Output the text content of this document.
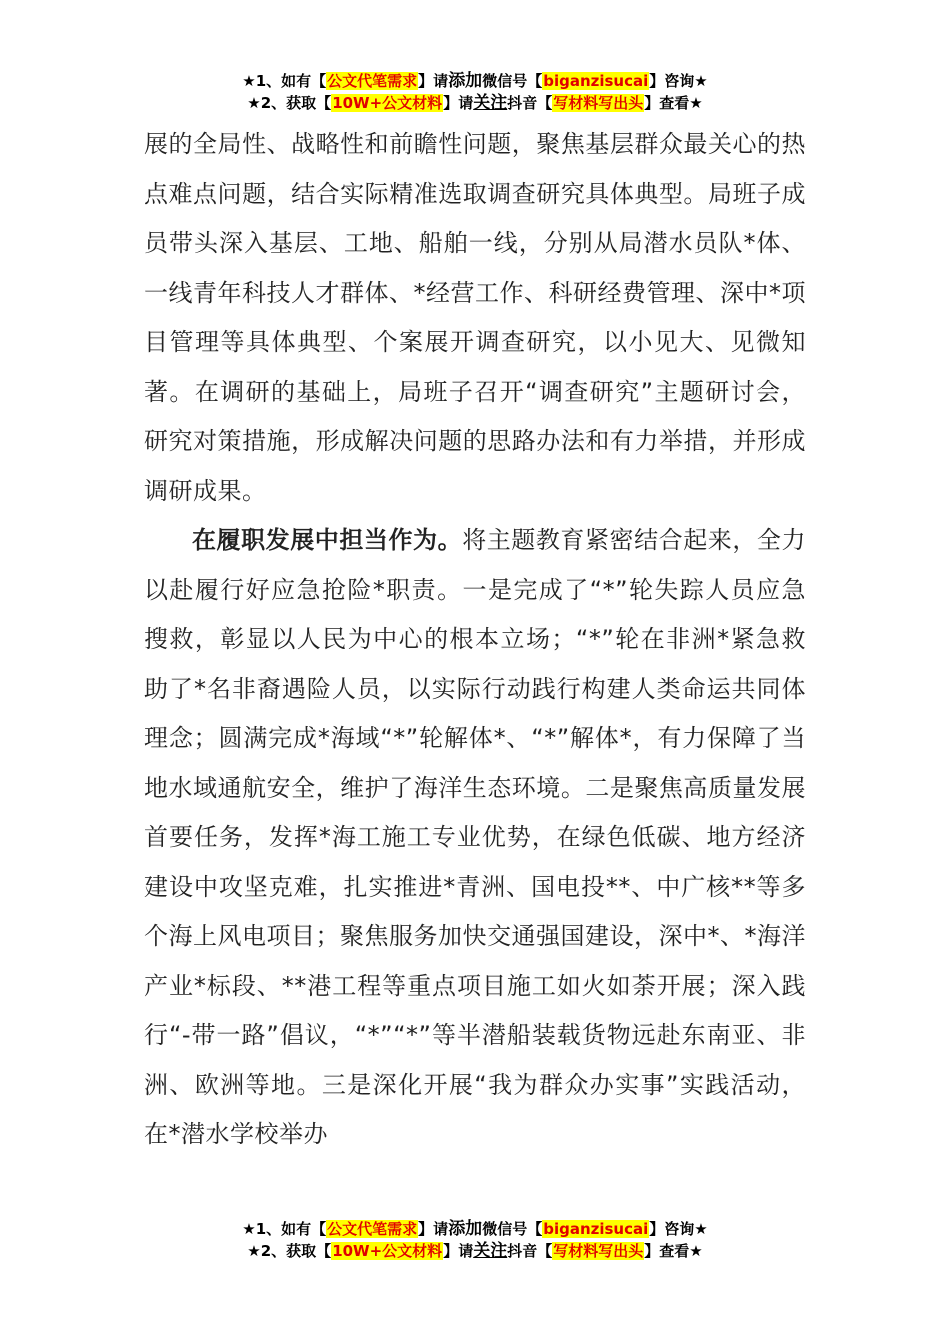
★1、如有【公文代笔需求】请添加微信号【biganzisucai】咨询★
★2、获取【10W+公文材料】请关注抖音【写材料写出头】查看★

展的全局性、战略性和前瞻性问题，聚焦基层群众最关心的热点难点问题，结合实际精准选取调查研究具体典型。局班子成员带头深入基层、工地、船舶一线，分别从局潜水员队*体、一线青年科技人才群体、*经营工作、科研经费管理、深中*项目管理等具体典型、个案展开调查研究，以小见大、见微知著。在调研的基础上，局班子召开“调查研究”主题研讨会，研究对策措施，形成解决问题的思路办法和有力举措，并形成调研成果。

在履职发展中担当作为。将主题教育紧密结合起来，全力以赴履行好应急抢险*职责。一是完成了“*”轮失踪人员应急搜救，彰显以人民为中心的根本立场；“*”轮在非洲*紧急救助了*名非裔遇险人员，以实际行动践行构建人类命运共同体理念；圆满完成*海域“*”轮解体*、“*”解体*，有力保障了当地水域通航安全，维护了海洋生态环境。二是聚焦高质量发展首要任务，发挥*海工施工专业优势，在绿色低碳、地方经济建设中攻坚克难，扎实推进*青洲、国电投**、中广核**等多个海上风电项目；聚焦服务加快交通强国建设，深中*、*海洋产业*标段、**港工程等重点项目施工如火如荼开展；深入践行“-带一路”倡议，“*”“*”等半潜船装载货物远赴东南亚、非洲、欧洲等地。三是深化开展“我为群众办实事”实践活动，在*潜水学校举办

★1、如有【公文代笔需求】请添加微信号【biganzisucai】咨询★
★2、获取【10W+公文材料】请关注抖音【写材料写出头】查看★
